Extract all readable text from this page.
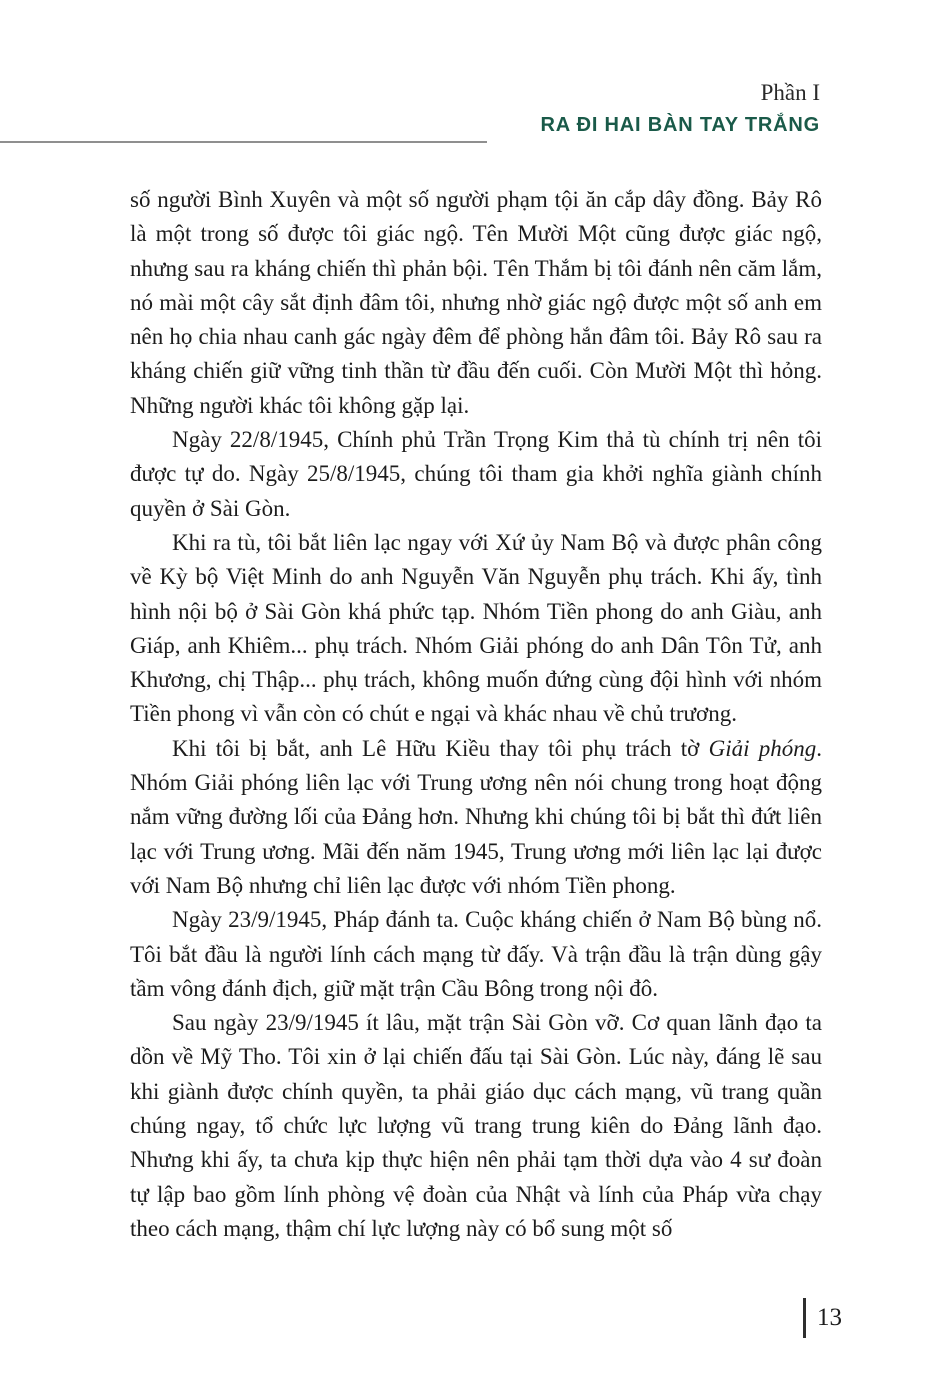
Phần I
RA ĐI HAI BÀN TAY TRẮNG

số người Bình Xuyên và một số người phạm tội ăn cắp dây đồng. Bảy Rô là một trong số được tôi giác ngộ. Tên Mười Một cũng được giác ngộ, nhưng sau ra kháng chiến thì phản bội. Tên Thắm bị tôi đánh nên căm lắm, nó mài một cây sắt định đâm tôi, nhưng nhờ giác ngộ được một số anh em nên họ chia nhau canh gác ngày đêm để phòng hắn đâm tôi. Bảy Rô sau ra kháng chiến giữ vững tinh thần từ đầu đến cuối. Còn Mười Một thì hỏng. Những người khác tôi không gặp lại.

Ngày 22/8/1945, Chính phủ Trần Trọng Kim thả tù chính trị nên tôi được tự do. Ngày 25/8/1945, chúng tôi tham gia khởi nghĩa giành chính quyền ở Sài Gòn.

Khi ra tù, tôi bắt liên lạc ngay với Xứ ủy Nam Bộ và được phân công về Kỳ bộ Việt Minh do anh Nguyễn Văn Nguyễn phụ trách. Khi ấy, tình hình nội bộ ở Sài Gòn khá phức tạp. Nhóm Tiền phong do anh Giàu, anh Giáp, anh Khiêm... phụ trách. Nhóm Giải phóng do anh Dân Tôn Tử, anh Khương, chị Thập... phụ trách, không muốn đứng cùng đội hình với nhóm Tiền phong vì vẫn còn có chút e ngại và khác nhau về chủ trương.

Khi tôi bị bắt, anh Lê Hữu Kiều thay tôi phụ trách tờ Giải phóng. Nhóm Giải phóng liên lạc với Trung ương nên nói chung trong hoạt động nắm vững đường lối của Đảng hơn. Nhưng khi chúng tôi bị bắt thì đứt liên lạc với Trung ương. Mãi đến năm 1945, Trung ương mới liên lạc lại được với Nam Bộ nhưng chỉ liên lạc được với nhóm Tiền phong.

Ngày 23/9/1945, Pháp đánh ta. Cuộc kháng chiến ở Nam Bộ bùng nổ. Tôi bắt đầu là người lính cách mạng từ đấy. Và trận đầu là trận dùng gậy tầm vông đánh địch, giữ mặt trận Cầu Bông trong nội đô.

Sau ngày 23/9/1945 ít lâu, mặt trận Sài Gòn vỡ. Cơ quan lãnh đạo ta dồn về Mỹ Tho. Tôi xin ở lại chiến đấu tại Sài Gòn. Lúc này, đáng lẽ sau khi giành được chính quyền, ta phải giáo dục cách mạng, vũ trang quần chúng ngay, tổ chức lực lượng vũ trang trung kiên do Đảng lãnh đạo. Nhưng khi ấy, ta chưa kịp thực hiện nên phải tạm thời dựa vào 4 sư đoàn tự lập bao gồm lính phòng vệ đoàn của Nhật và lính của Pháp vừa chạy theo cách mạng, thậm chí lực lượng này có bổ sung một số

13
